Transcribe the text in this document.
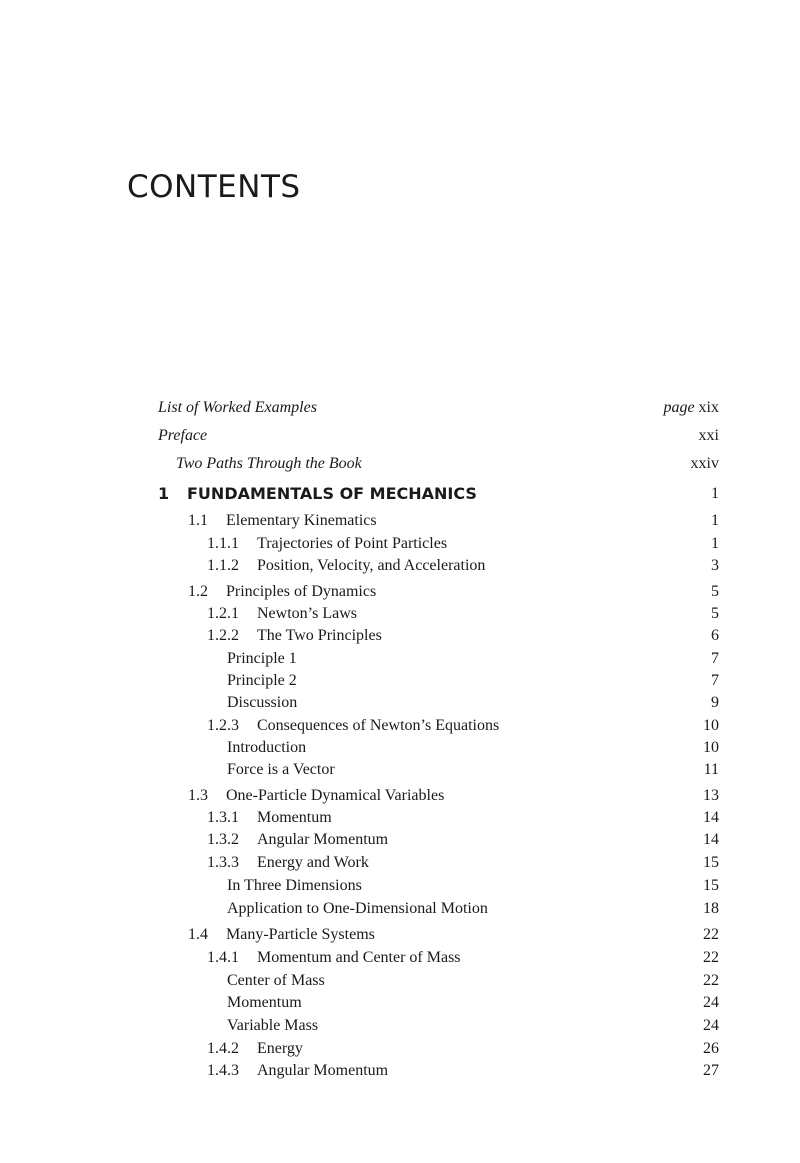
CONTENTS
List of Worked Examples	page xix
Preface	xxi
Two Paths Through the Book	xxiv
1 FUNDAMENTALS OF MECHANICS	1
1.1 Elementary Kinematics	1
1.1.1 Trajectories of Point Particles	1
1.1.2 Position, Velocity, and Acceleration	3
1.2 Principles of Dynamics	5
1.2.1 Newton’s Laws	5
1.2.2 The Two Principles	6
Principle 1	7
Principle 2	7
Discussion	9
1.2.3 Consequences of Newton’s Equations	10
Introduction	10
Force is a Vector	11
1.3 One-Particle Dynamical Variables	13
1.3.1 Momentum	14
1.3.2 Angular Momentum	14
1.3.3 Energy and Work	15
In Three Dimensions	15
Application to One-Dimensional Motion	18
1.4 Many-Particle Systems	22
1.4.1 Momentum and Center of Mass	22
Center of Mass	22
Momentum	24
Variable Mass	24
1.4.2 Energy	26
1.4.3 Angular Momentum	27
